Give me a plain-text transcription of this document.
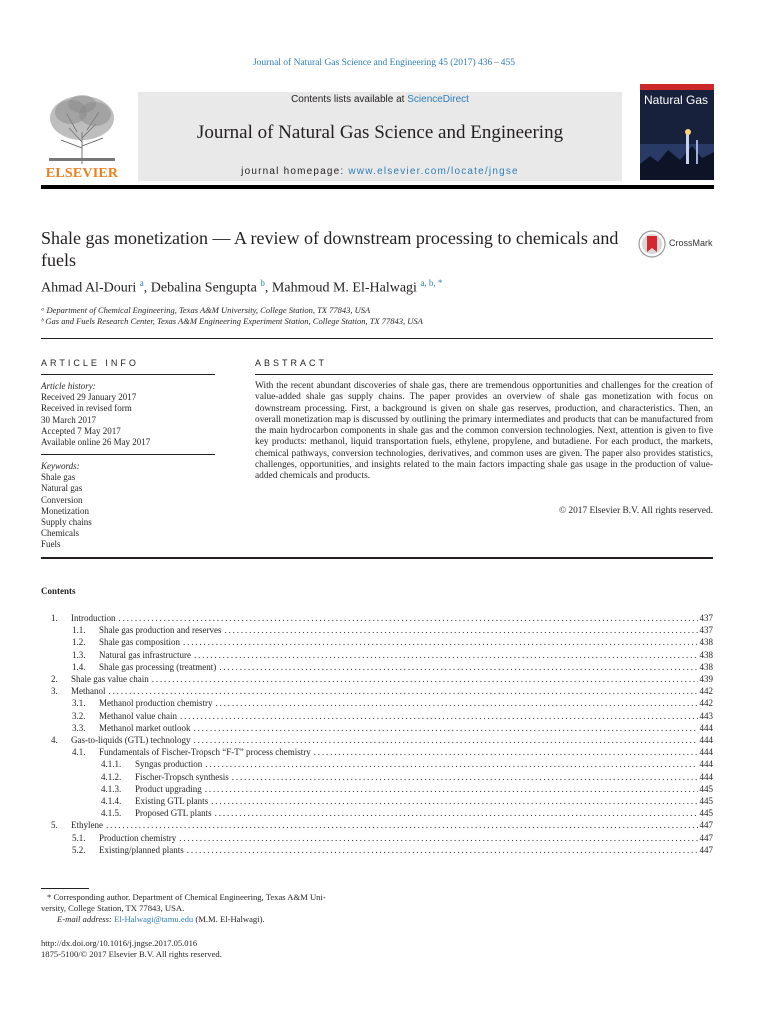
Journal of Natural Gas Science and Engineering 45 (2017) 436 – 455
ELSEVIER
Contents lists available at ScienceDirect
Journal of Natural Gas Science and Engineering
journal homepage: www.elsevier.com/locate/jngse
Natural Gas
Shale gas monetization — A review of downstream processing to chemicals and fuels
CrossMark
Ahmad Al-Douri $^a$, Debalina Sengupta $^b$, Mahmoud M. El-Halwagi $^{a, b, *}$
ᵃ Department of Chemical Engineering, Texas A&M University, College Station, TX 77843, USA
ᵇ Gas and Fuels Research Center, Texas A&M Engineering Experiment Station, College Station, TX 77843, USA
ARTICLE INFO
Article history:
Received 29 January 2017
Received in revised form
30 March 2017
Accepted 7 May 2017
Available online 26 May 2017
Keywords:
Shale gas
Natural gas
Conversion
Monetization
Supply chains
Chemicals
Fuels
ABSTRACT
With the recent abundant discoveries of shale gas, there are tremendous opportunities and challenges for the creation of value-added shale gas supply chains. The paper provides an overview of shale gas monetization with focus on downstream processing. First, a background is given on shale gas reserves, production, and characteristics. Then, an overall monetization map is discussed by outlining the primary intermediates and products that can be manufactured from the main hydrocarbon components in shale gas and the common conversion technologies. Next, attention is given to five key products: methanol, liquid transportation fuels, ethylene, propylene, and butadiene. For each product, the markets, chemical pathways, conversion technologies, derivatives, and common uses are given. The paper also provides statistics, challenges, opportunities, and insights related to the main factors impacting shale gas usage in the production of value-added chemicals and products.
© 2017 Elsevier B.V. All rights reserved.
Contents
1. Introduction . . .	437
1.1. Shale gas production and reserves . . .	437
1.2. Shale gas composition . . .	438
1.3. Natural gas infrastructure . . .	438
1.4. Shale gas processing (treatment) . . .	438
2. Shale gas value chain . . .	439
3. Methanol . . .	442
3.1. Methanol production chemistry . . .	442
3.2. Methanol value chain . . .	443
3.3. Methanol market outlook . . .	444
4. Gas-to-liquids (GTL) technology . . .	444
4.1. Fundamentals of Fischer-Tropsch “F-T” process chemistry . . .	444
4.1.1. Syngas production . . .	444
4.1.2. Fischer-Tropsch synthesis . . .	444
4.1.3. Product upgrading . . .	445
4.1.4. Existing GTL plants . . .	445
4.1.5. Proposed GTL plants . . .	445
5. Ethylene . . .	447
5.1. Production chemistry . . .	447
5.2. Existing/planned plants . . .	447
* Corresponding author. Department of Chemical Engineering, Texas A&M Uni-
versity, College Station, TX 77843, USA.
E-mail address: El-Halwagi@tamu.edu (M.M. El-Halwagi).
http://dx.doi.org/10.1016/j.jngse.2017.05.016
1875-5100/© 2017 Elsevier B.V. All rights reserved.
